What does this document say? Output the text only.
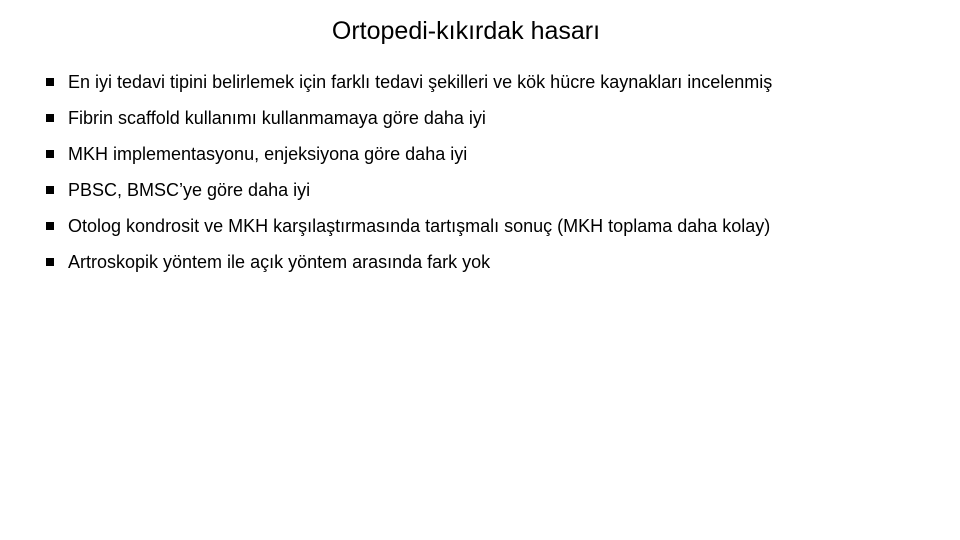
Ortopedi-kıkırdak hasarı
En iyi tedavi tipini belirlemek için farklı tedavi şekilleri ve kök hücre kaynakları incelenmiş
Fibrin scaffold kullanımı kullanmamaya göre daha iyi
MKH implementasyonu, enjeksiyona göre daha iyi
PBSC, BMSC’ye göre daha iyi
Otolog kondrosit ve MKH karşılaştırmasında tartışmalı sonuç (MKH toplama daha kolay)
Artroskopik yöntem ile açık yöntem arasında fark yok
